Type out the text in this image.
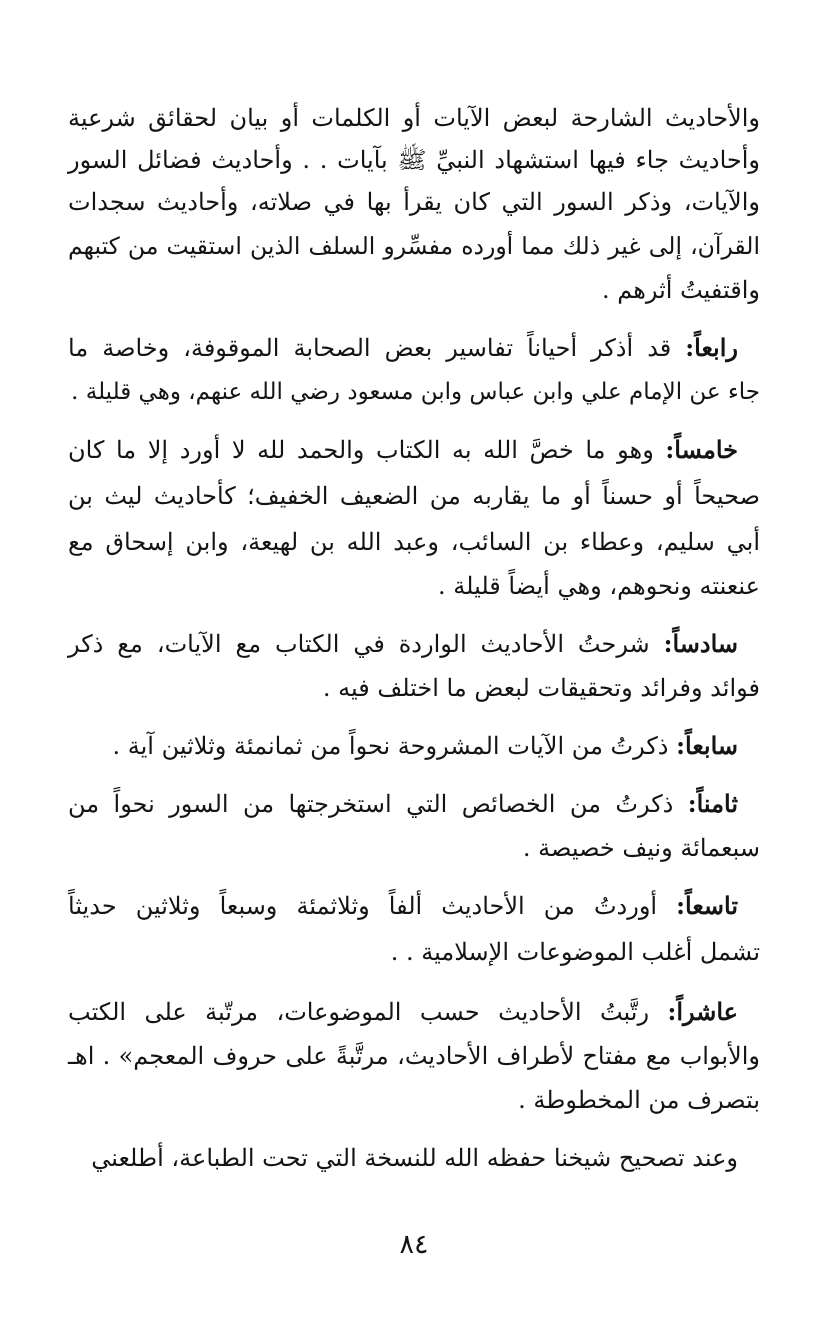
والأحاديث الشارحة لبعض الآيات أو الكلمات أو بيان لحقائق شرعية
وأحاديث جاء فيها استشهاد النبيِّ ﷺ بآيات . . وأحاديث فضائل السور
والآيات، وذكر السور التي كان يقرأ بها في صلاته، وأحاديث سجدات
القرآن، إلى غير ذلك مما أورده مفسِّرو السلف الذين استقيت من كتبهم
واقتفيتُ أثرهم .
رابعاً: قد أذكر أحياناً تفاسير بعض الصحابة الموقوفة، وخاصة ما
جاء عن الإمام علي وابن عباس وابن مسعود رضي الله عنهم، وهي قليلة .
خامساً: وهو ما خصَّ الله به الكتاب والحمد لله لا أورد إلا ما كان
صحيحاً أو حسناً أو ما يقاربه من الضعيف الخفيف؛ كأحاديث ليث بن
أبي سليم، وعطاء بن السائب، وعبد الله بن لهيعة، وابن إسحاق مع
عنعنته ونحوهم، وهي أيضاً قليلة .
سادساً: شرحتُ الأحاديث الواردة في الكتاب مع الآيات، مع ذكر
فوائد وفرائد وتحقيقات لبعض ما اختلف فيه .
سابعاً: ذكرتُ من الآيات المشروحة نحواً من ثمانمئة وثلاثين آية .
ثامناً: ذكرتُ من الخصائص التي استخرجتها من السور نحواً من
سبعمائة ونيف خصيصة .
تاسعاً: أوردتُ من الأحاديث ألفاً وثلاثمئة وسبعاً وثلاثين حديثاً
تشمل أغلب الموضوعات الإسلامية . .
عاشراً: رتَّبتُ الأحاديث حسب الموضوعات، مرتّبة على الكتب
والأبواب مع مفتاح لأطراف الأحاديث، مرتَّبةً على حروف المعجم» . اهـ
بتصرف من المخطوطة .
وعند تصحيح شيخنا حفظه الله للنسخة التي تحت الطباعة، أطلعني
٨٤
